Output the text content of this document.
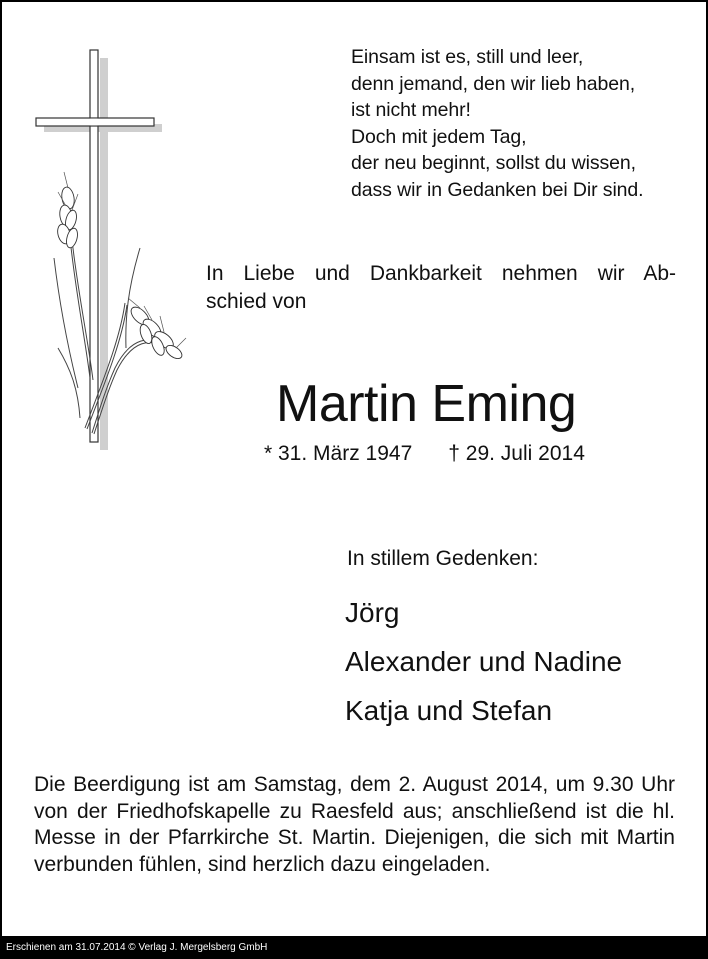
Einsam ist es, still und leer,
denn jemand, den wir lieb haben,
ist nicht mehr!
Doch mit jedem Tag,
der neu beginnt, sollst du wissen,
dass wir in Gedanken bei Dir sind.
In Liebe und Dankbarkeit nehmen wir Ab-
schied von
Martin Eming
* 31. März 1947 † 29. Juli 2014
In stillem Gedenken:
Jörg
Alexander und Nadine
Katja und Stefan
Die Beerdigung ist am Samstag, dem 2. August 2014, um 9.30 Uhr von der Friedhofskapelle zu Raesfeld aus; anschließend ist die hl. Messe in der Pfarrkirche St. Martin. Diejenigen, die sich mit Martin verbunden fühlen, sind herzlich dazu eingeladen.
Erschienen am 31.07.2014 © Verlag J. Mergelsberg GmbH
